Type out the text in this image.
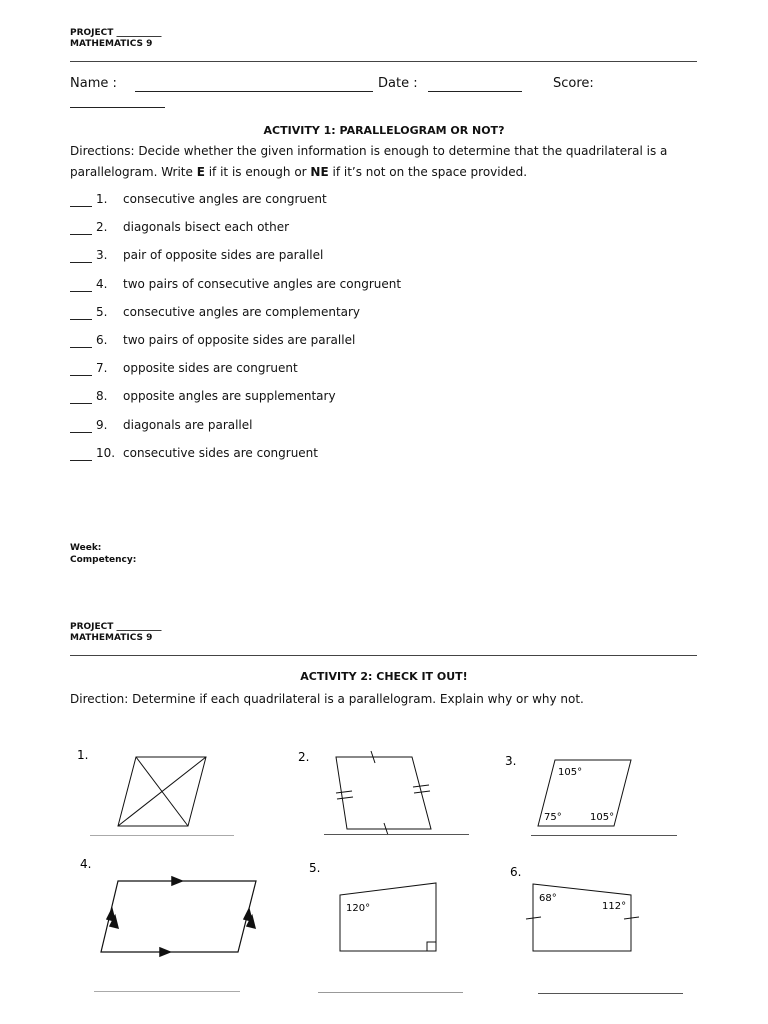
PROJECT __________
MATHEMATICS 9
Name :	Date :	Score:
ACTIVITY 1: PARALLELOGRAM OR NOT?
Directions: Decide whether the given information is enough to determine that the quadrilateral is a parallelogram. Write E if it is enough or NE if it’s not on the space provided.
1. consecutive angles are congruent
2. diagonals bisect each other
3. pair of opposite sides are parallel
4. two pairs of consecutive angles are congruent
5. consecutive angles are complementary
6. two pairs of opposite sides are parallel
7. opposite sides are congruent
8. opposite angles are supplementary
9. diagonals are parallel
10. consecutive sides are congruent
Week:
Competency:
PROJECT __________
MATHEMATICS 9
ACTIVITY 2: CHECK IT OUT!
Direction: Determine if each quadrilateral is a parallelogram. Explain why or why not.
1.	2.	3.
105°
75°	105°
4.	5.
120°
6.
68°
112°
